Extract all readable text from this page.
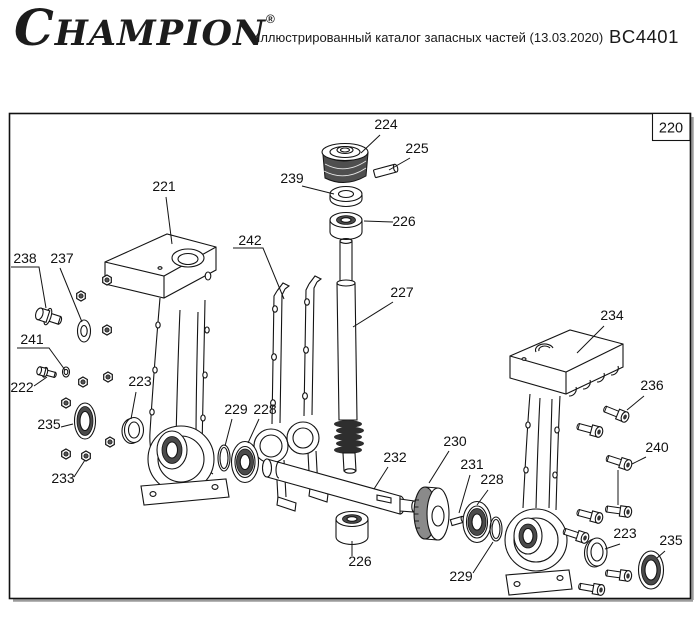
CHAMPION®
Иллюстрированный каталог запасных частей (13.03.2020) BC4401
220
221
238 237
241
222
235
233
223
229 228
242
224
225
239
226
227
232
230
231
228
226
229
234
236
240
223 235
